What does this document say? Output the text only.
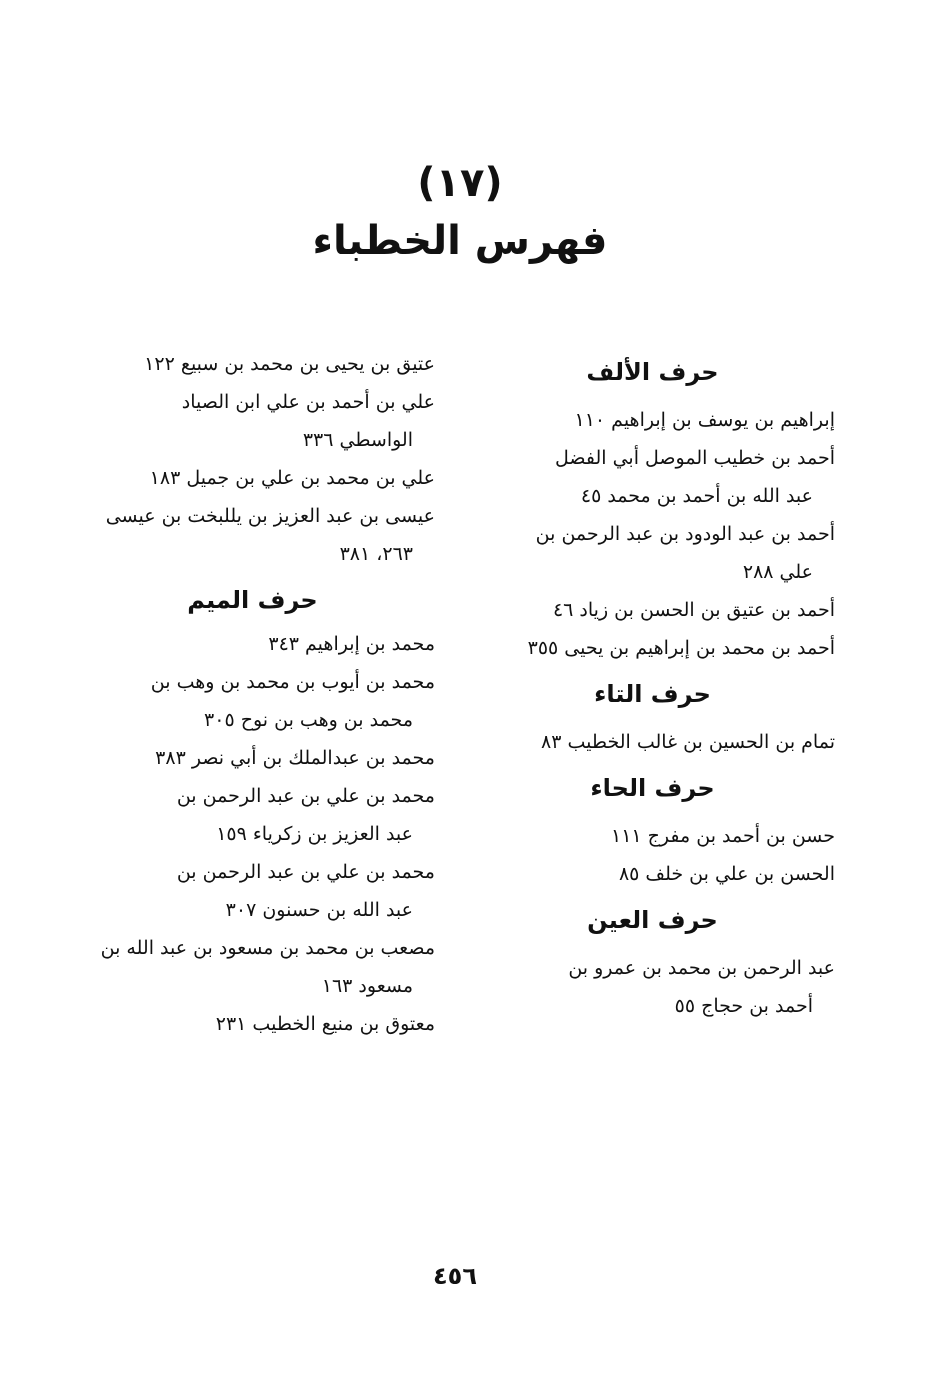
(١٧)
فهرس الخطباء
حرف الألف
إبراهيم بن يوسف بن إبراهيم ١١٠
أحمد بن خطيب الموصل أبي الفضل
عبد الله بن أحمد بن محمد ٤٥
أحمد بن عبد الودود بن عبد الرحمن بن
علي ٢٨٨
أحمد بن عتيق بن الحسن بن زياد ٤٦
أحمد بن محمد بن إبراهيم بن يحيى ٣٥٥
حرف التاء
تمام بن الحسين بن غالب الخطيب ٨٣
حرف الحاء
حسن بن أحمد بن مفرج ١١١
الحسن بن علي بن خلف ٨٥
حرف العين
عبد الرحمن بن محمد بن عمرو بن
أحمد بن حجاج ٥٥
عتيق بن يحيى بن محمد بن سبيع ١٢٢
علي بن أحمد بن علي ابن الصياد
الواسطي ٣٣٦
علي بن محمد بن علي بن جميل ١٨٣
عيسى بن عبد العزيز بن يللبخت بن عيسى
٢٦٣، ٣٨١
حرف الميم
محمد بن إبراهيم ٣٤٣
محمد بن أيوب بن محمد بن وهب بن
محمد بن وهب بن نوح ٣٠٥
محمد بن عبدالملك بن أبي نصر ٣٨٣
محمد بن علي بن عبد الرحمن بن
عبد العزيز بن زكرياء ١٥٩
محمد بن علي بن عبد الرحمن بن
عبد الله بن حسنون ٣٠٧
مصعب بن محمد بن مسعود بن عبد الله بن
مسعود ١٦٣
معتوق بن منيع الخطيب ٢٣١
٤٥٦
